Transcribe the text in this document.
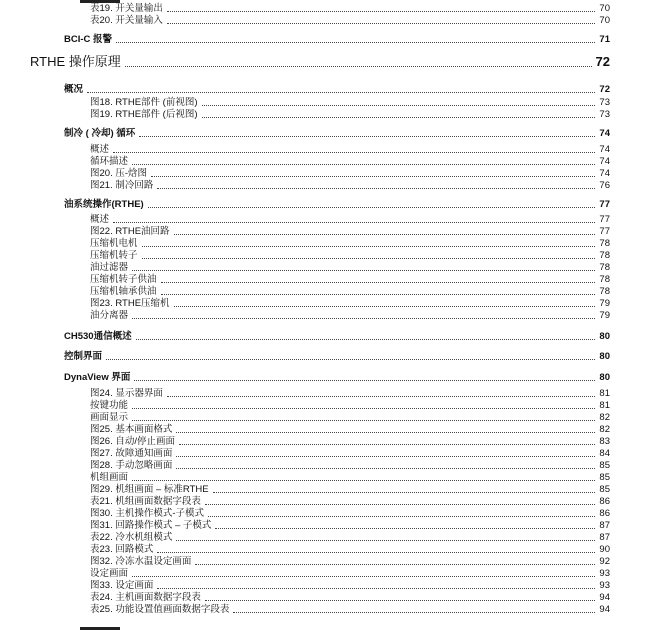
表19. 开关量输出	70
表20. 开关量输入	70
BCI-C 报警	71
RTHE 操作原理	72
概况	72
图18. RTHE部件 (前视图)	73
图19. RTHE部件 (后视图)	73
制冷 ( 冷却) 循环	74
概述	74
循环描述	74
图20. 压-焓图	74
图21. 制冷回路	76
油系统操作(RTHE)	77
概述	77
图22. RTHE油回路	77
压缩机电机	78
压缩机转子	78
油过滤器	78
压缩机转子供油	78
压缩机轴承供油	78
图23. RTHE压缩机	79
油分离器	79
CH530通信概述	80
控制界面	80
DynaView 界面	80
图24. 显示器界面	81
按键功能	81
画面显示	82
图25. 基本画面格式	82
图26. 自动/停止画面	83
图27. 故障通知画面	84
图28. 手动忽略画面	85
机组画面	85
图29. 机组画面 – 标准RTHE	85
表21. 机组画面数据字段表	86
图30. 主机操作模式-子模式	86
图31. 回路操作模式 – 子模式	87
表22. 冷水机组模式	87
表23. 回路模式	90
图32. 冷冻水温设定画面	92
设定画面	93
图33. 设定画面	93
表24. 主机画面数据字段表	94
表25. 功能设置值画面数据字段表	94
